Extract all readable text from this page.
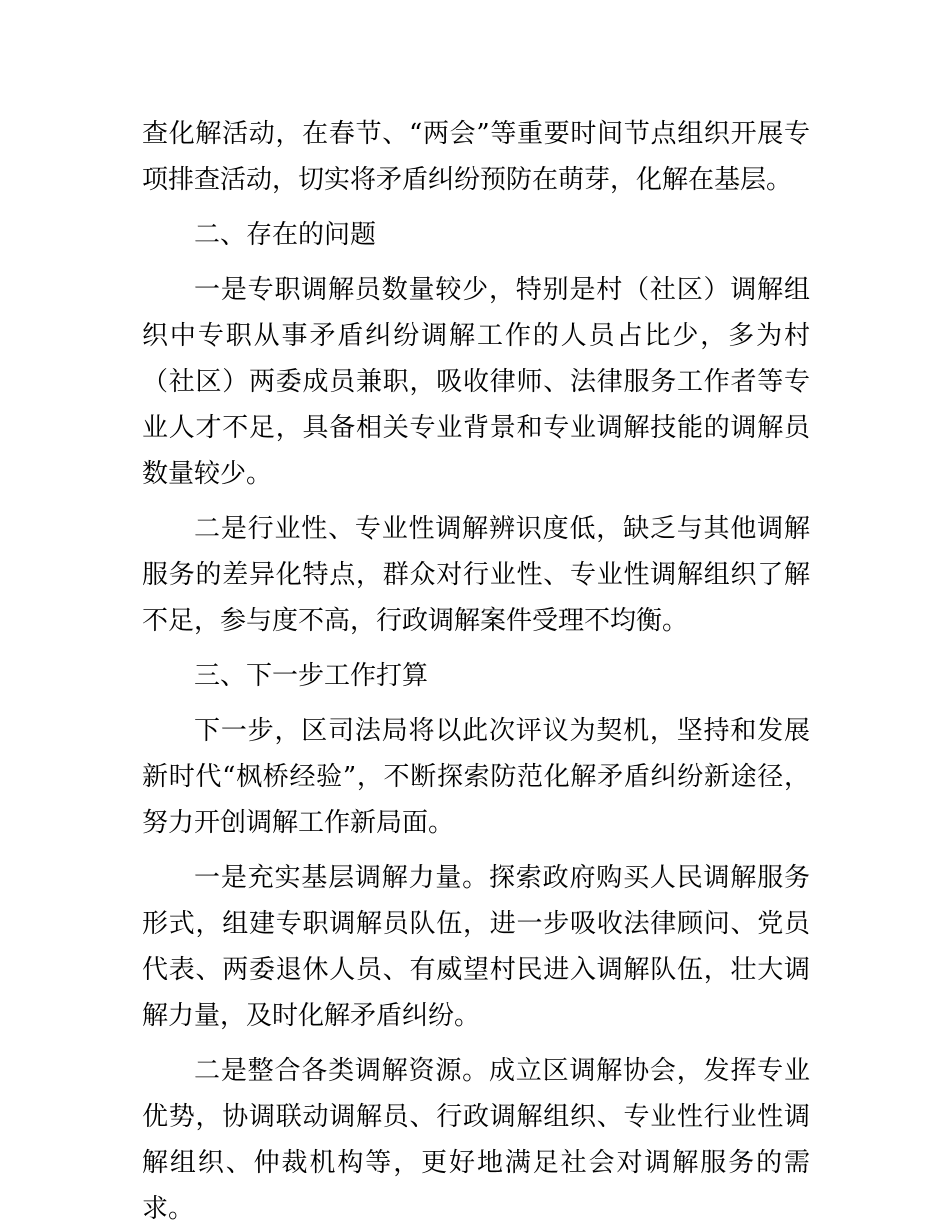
查化解活动，在春节、“两会”等重要时间节点组织开展专项排查活动，切实将矛盾纠纷预防在萌芽，化解在基层。

二、存在的问题

一是专职调解员数量较少，特别是村（社区）调解组织中专职从事矛盾纠纷调解工作的人员占比少，多为村（社区）两委成员兼职，吸收律师、法律服务工作者等专业人才不足，具备相关专业背景和专业调解技能的调解员数量较少。

二是行业性、专业性调解辨识度低，缺乏与其他调解服务的差异化特点，群众对行业性、专业性调解组织了解不足，参与度不高，行政调解案件受理不均衡。

三、下一步工作打算

下一步，区司法局将以此次评议为契机，坚持和发展新时代“枫桥经验”，不断探索防范化解矛盾纠纷新途径，努力开创调解工作新局面。

一是充实基层调解力量。探索政府购买人民调解服务形式，组建专职调解员队伍，进一步吸收法律顾问、党员代表、两委退休人员、有威望村民进入调解队伍，壮大调解力量，及时化解矛盾纠纷。

二是整合各类调解资源。成立区调解协会，发挥专业优势，协调联动调解员、行政调解组织、专业性行业性调解组织、仲裁机构等，更好地满足社会对调解服务的需求。
